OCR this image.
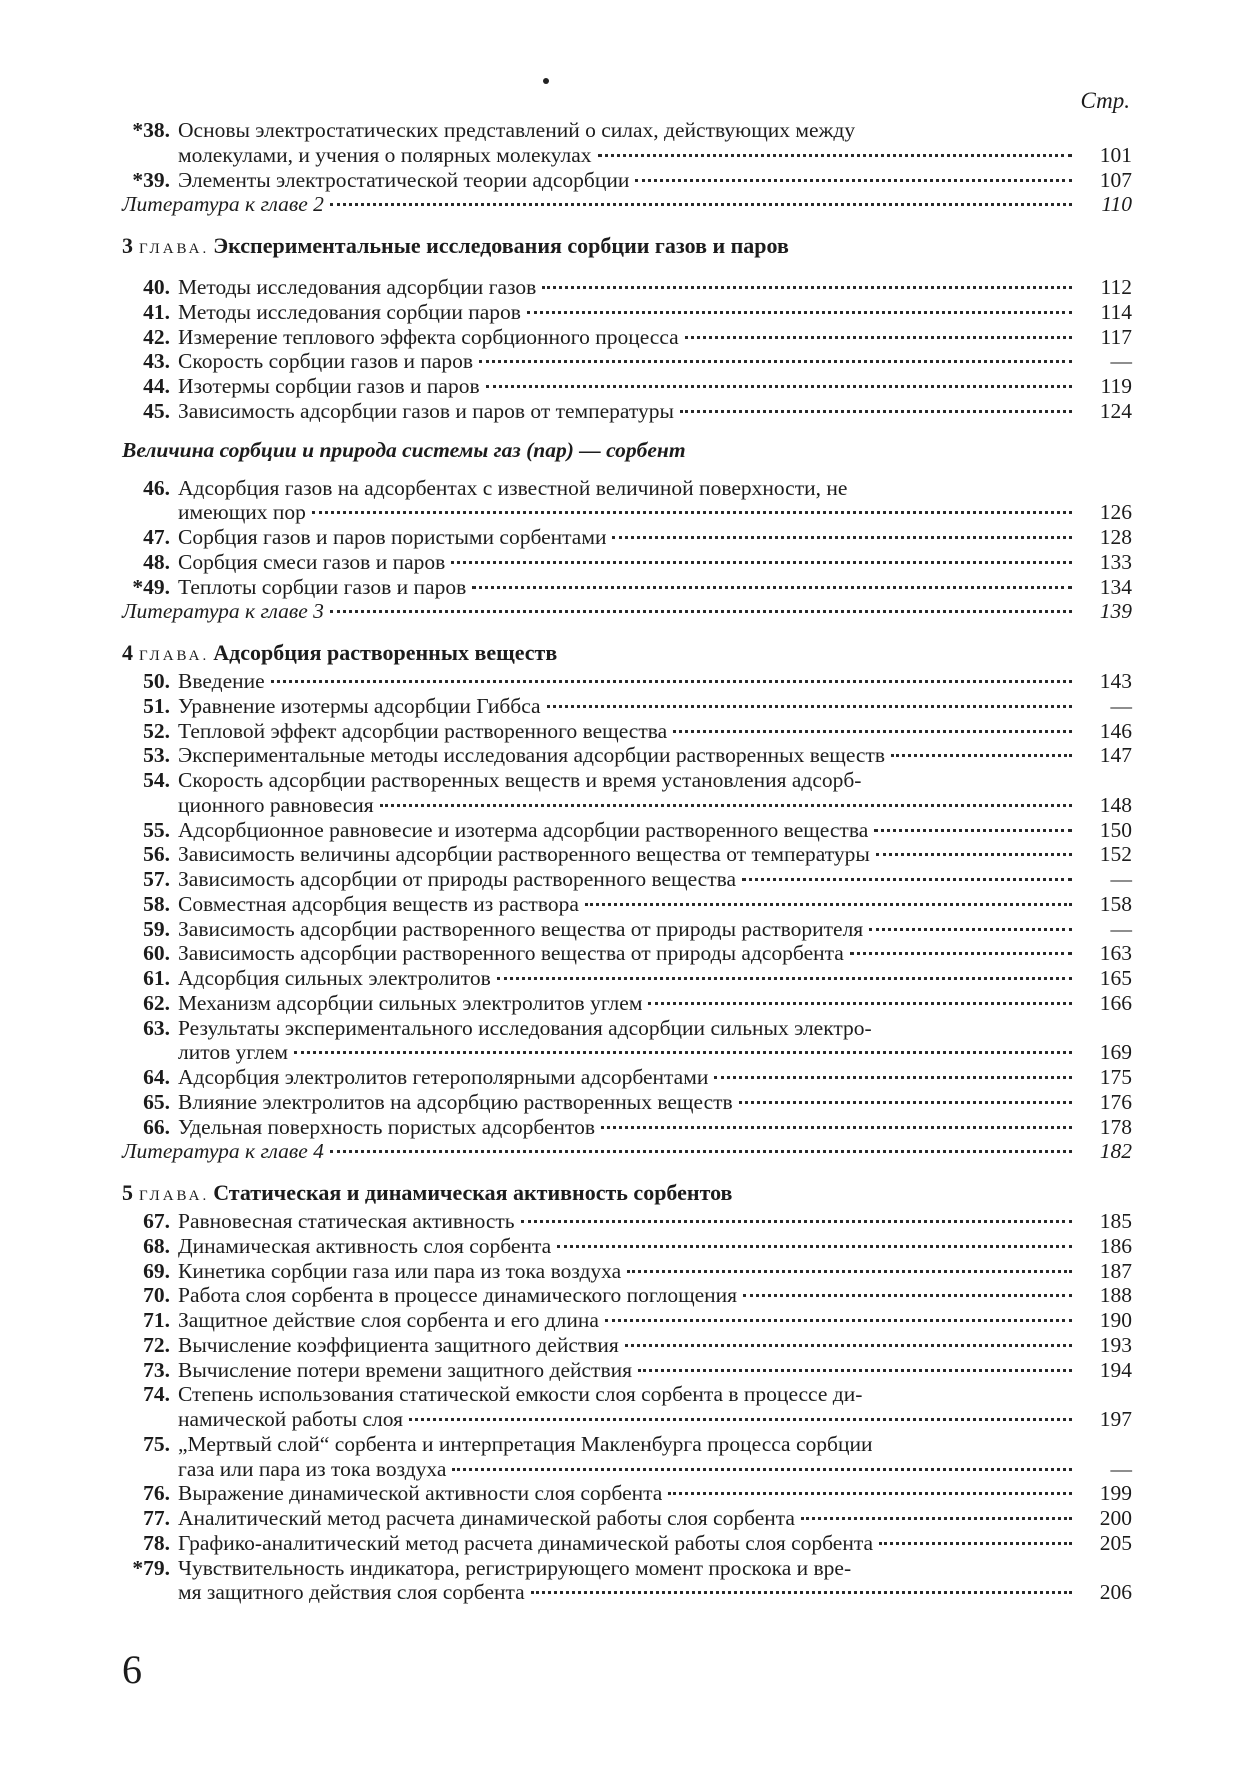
Стр.
*38. Основы электростатических представлений о силах, действующих между
молекулами, и учения о полярных молекулах	101
*39. Элементы электростатической теории адсорбции	107
Литература к главе 2	110
3 ГЛАВА. Экспериментальные исследования сорбции газов и паров
40. Методы исследования адсорбции газов	112
41. Методы исследования сорбции паров	114
42. Измерение теплового эффекта сорбционного процесса	117
43. Скорость сорбции газов и паров	—
44. Изотермы сорбции газов и паров	119
45. Зависимость адсорбции газов и паров от температуры	124
Величина сорбции и природа системы газ (пар) — сорбент
46. Адсорбция газов на адсорбентах с известной величиной поверхности, не
имеющих пор	126
47. Сорбция газов и паров пористыми сорбентами	128
48. Сорбция смеси газов и паров	133
*49. Теплоты сорбции газов и паров	134
Литература к главе 3	139
4 ГЛАВА. Адсорбция растворенных веществ
50. Введение	143
51. Уравнение изотермы адсорбции Гиббса	—
52. Тепловой эффект адсорбции растворенного вещества	146
53. Экспериментальные методы исследования адсорбции растворенных веществ	147
54. Скорость адсорбции растворенных веществ и время установления адсорб-
ционного равновесия	148
55. Адсорбционное равновесие и изотерма адсорбции растворенного вещества	150
56. Зависимость величины адсорбции растворенного вещества от температуры	152
57. Зависимость адсорбции от природы растворенного вещества	—
58. Совместная адсорбция веществ из раствора	158
59. Зависимость адсорбции растворенного вещества от природы растворителя	—
60. Зависимость адсорбции растворенного вещества от природы адсорбента	163
61. Адсорбция сильных электролитов	165
62. Механизм адсорбции сильных электролитов углем	166
63. Результаты экспериментального исследования адсорбции сильных электро-
литов углем	169
64. Адсорбция электролитов гетерополярными адсорбентами	175
65. Влияние электролитов на адсорбцию растворенных веществ	176
66. Удельная поверхность пористых адсорбентов	178
Литература к главе 4	182
5 ГЛАВА. Статическая и динамическая активность сорбентов
67. Равновесная статическая активность	185
68. Динамическая активность слоя сорбента	186
69. Кинетика сорбции газа или пара из тока воздуха	187
70. Работа слоя сорбента в процессе динамического поглощения	188
71. Защитное действие слоя сорбента и его длина	190
72. Вычисление коэффициента защитного действия	193
73. Вычисление потери времени защитного действия	194
74. Степень использования статической емкости слоя сорбента в процессе ди-
намической работы слоя	197
75. „Мертвый слой“ сорбента и интерпретация Макленбурга процесса сорбции
газа или пара из тока воздуха	—
76. Выражение динамической активности слоя сорбента	199
77. Аналитический метод расчета динамической работы слоя сорбента	200
78. Графико-аналитический метод расчета динамической работы слоя сорбента	205
*79. Чувствительность индикатора, регистрирующего момент проскока и вре-
мя защитного действия слоя сорбента	206
6
